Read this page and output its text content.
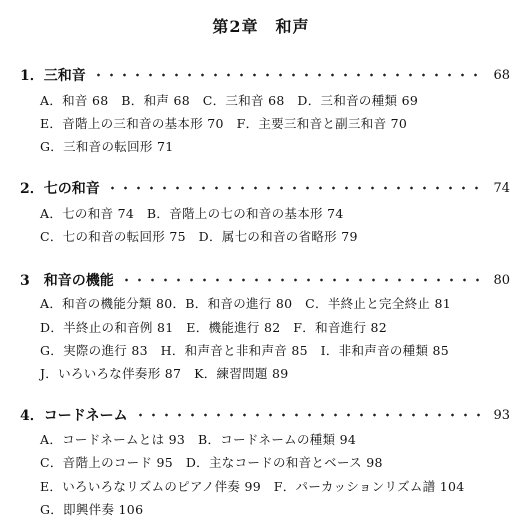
第2章　和声
1．三和音	68
A．和音 68　B．和声 68　C．三和音 68　D．三和音の種類 69
E．音階上の三和音の基本形 70　F．主要三和音と副三和音 70
G．三和音の転回形 71
2．七の和音	74
A．七の和音 74　B．音階上の七の和音の基本形 74
C．七の和音の転回形 75　D．属七の和音の省略形 79
3　和音の機能	80
A．和音の機能分類 80．B．和音の進行 80　C．半終止と完全終止 81
D．半終止の和音例 81　E．機能進行 82　F．和音進行 82
G．実際の進行 83　H．和声音と非和声音 85　I．非和声音の種類 85
J．いろいろな伴奏形 87　K．練習問題 89
4．コードネーム	93
A．コードネームとは 93　B．コードネームの種類 94
C．音階上のコード 95　D．主なコードの和音とベース 98
E．いろいろなリズムのピアノ伴奏 99　F．パーカッションリズム譜 104
G．即興伴奏 106
